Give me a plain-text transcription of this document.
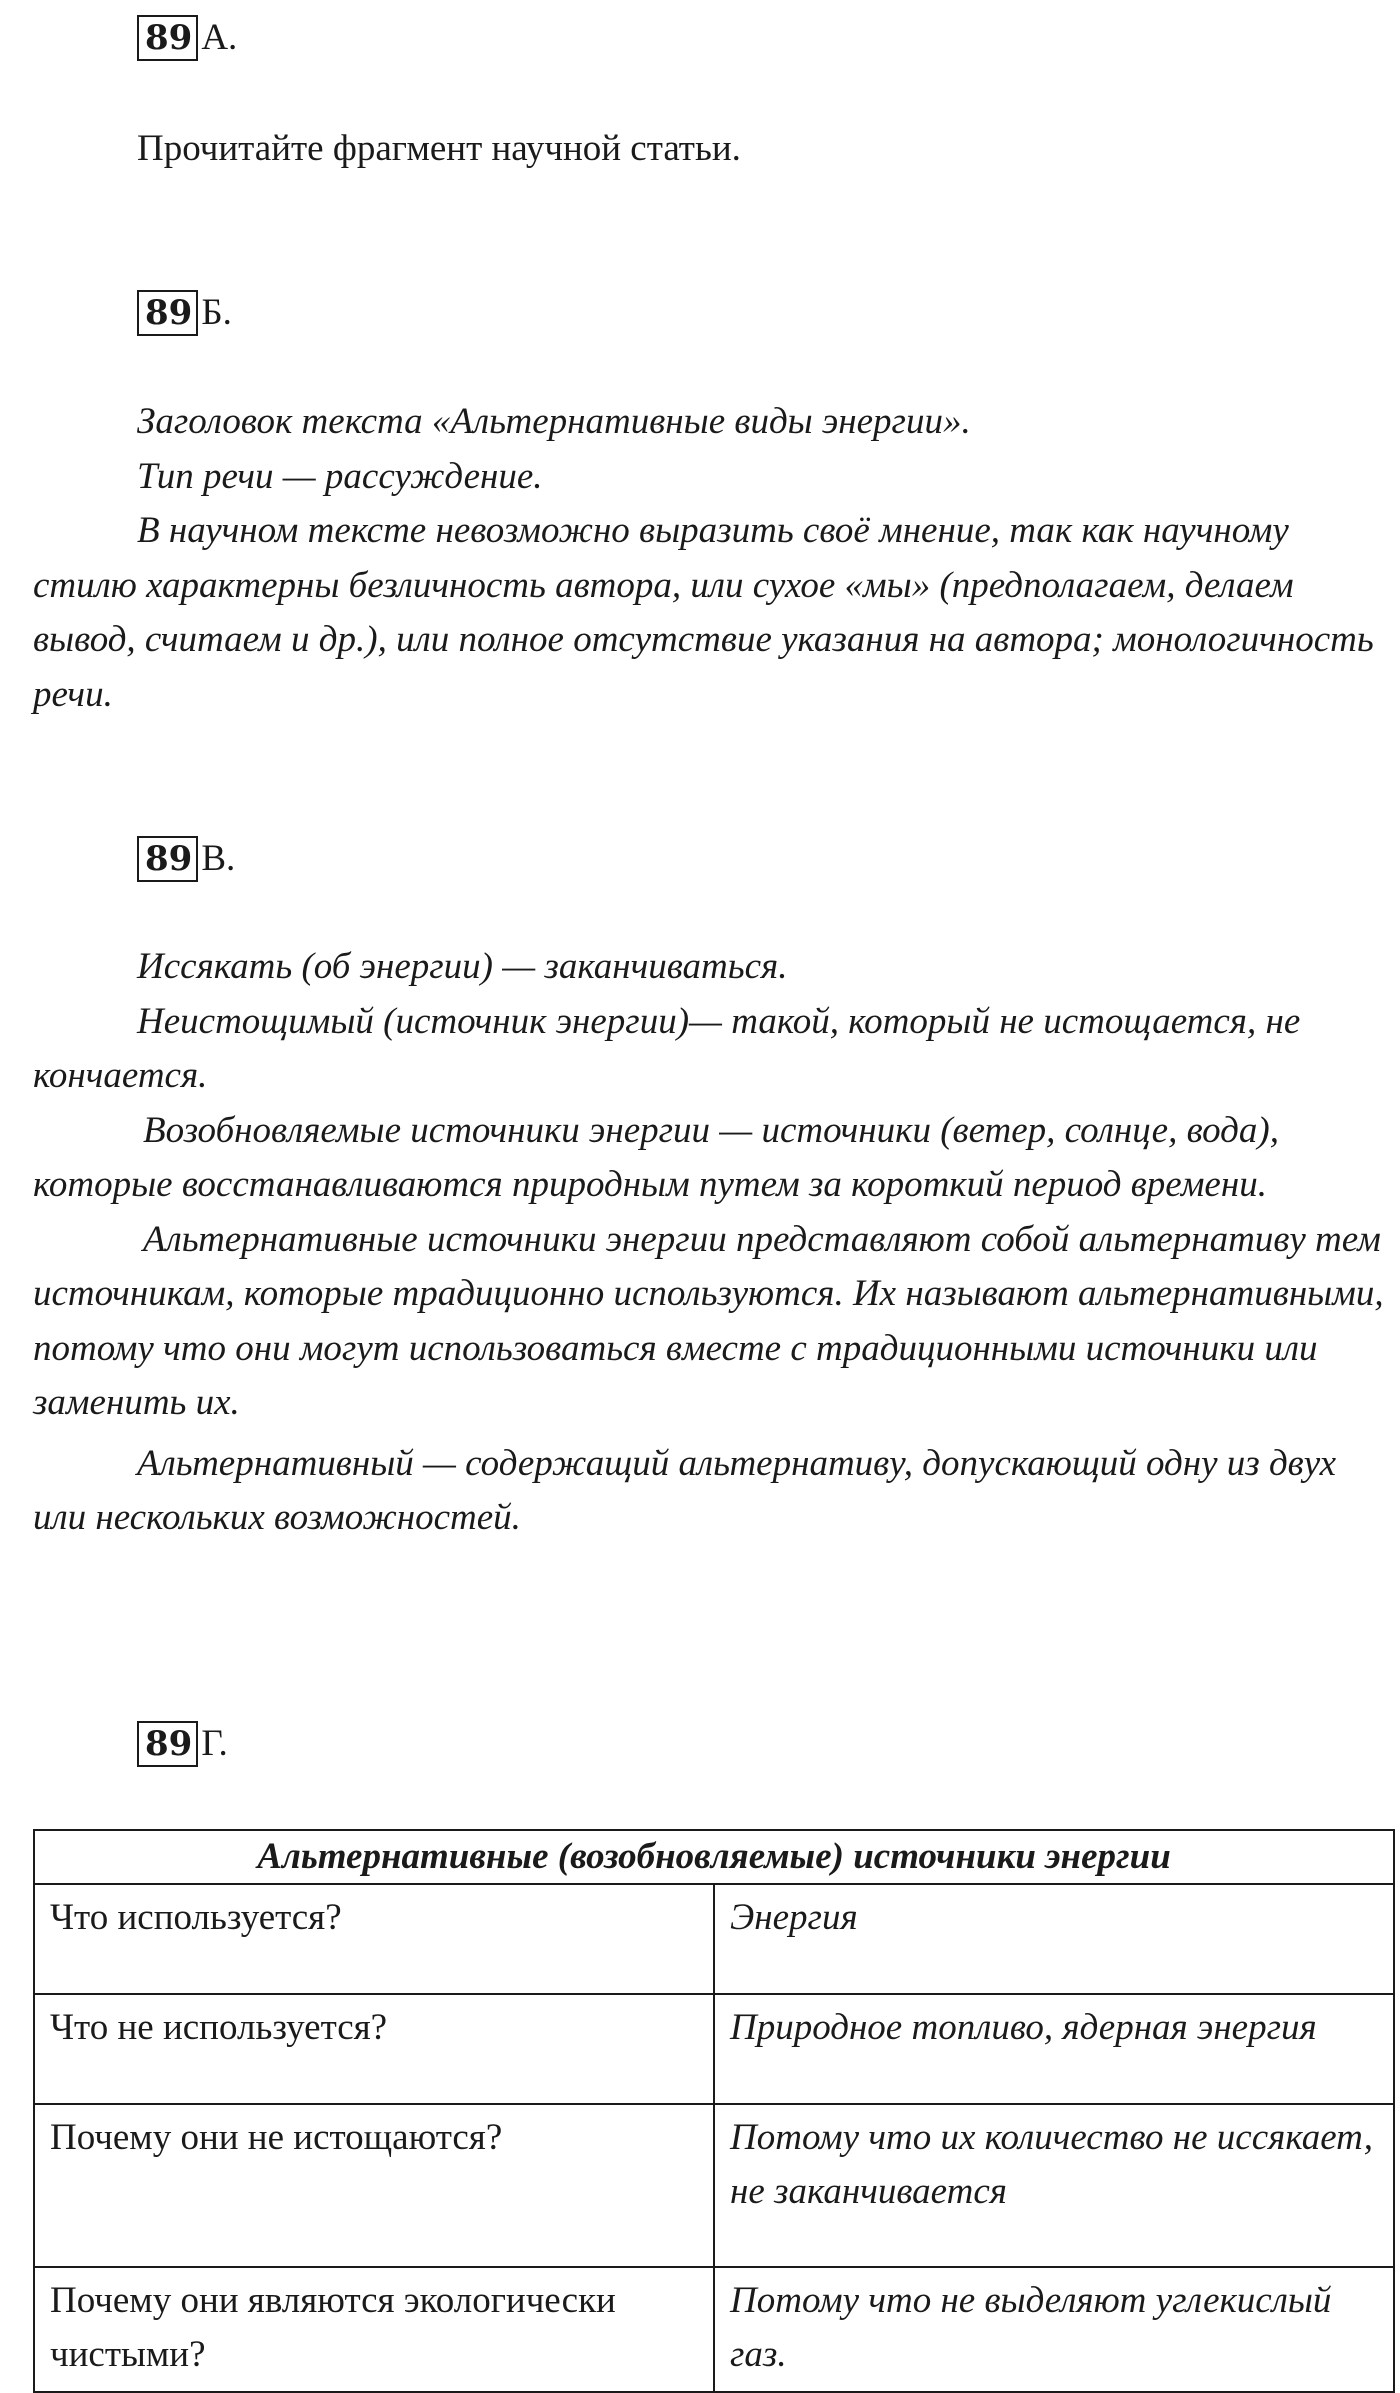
89 А.
Прочитайте фрагмент научной статьи.
89 Б.

Заголовок текста «Альтернативные виды энергии».

Тип речи — рассуждение.

В научном тексте невозможно выразить своё мнение, так как научному стилю характерны безличность автора, или сухое «мы» (предполагаем, делаем вывод, считаем и др.), или полное отсутствие указания на автора; монологичность речи.

89 В.

Иссякать (об энергии) — заканчиваться.

Неистощимый (источник энергии)— такой, который не истощается, не кончается.

Возобновляемые источники энергии — источники (ветер, солнце, вода), которые восстанавливаются природным путем за короткий период времени.

Альтернативные источники энергии представляют собой альтернативу тем источникам, которые традиционно используются. Их называют альтернативными, потому что они могут использоваться вместе с традиционными источники или заменить их.

Альтернативный — содержащий альтернативу, допускающий одну из двух или нескольких возможностей.

89 Г.
Альтернативные (возобновляемые) источники энергии	
Что используется?	Энергия
Что не используется?	Природное топливо, ядерная энергия
Почему они не истощаются?	Потому что их количество не иссякает, не заканчивается
Почему они являются экологически чистыми?	Потому что не выделяют углекислый газ.
